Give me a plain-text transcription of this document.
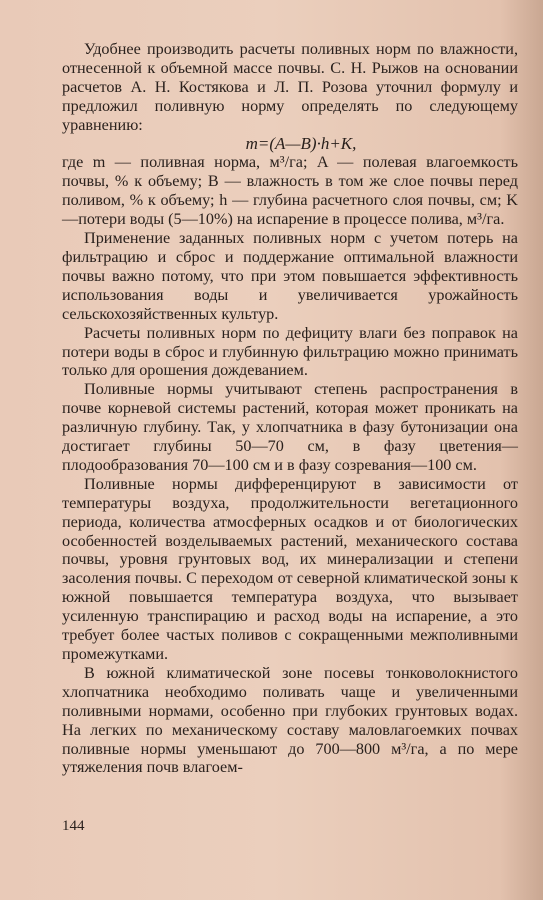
Удобнее производить расчеты поливных норм по влажности, отнесенной к объемной массе почвы. С. Н. Рыжов на основании расчетов А. Н. Костякова и Л. П. Розова уточнил формулу и предложил поливную норму определять по следующему уравнению:

m=(A—B)·h+K,

где m — поливная норма, м³/га; A — полевая влагоемкость почвы, % к объему; B — влажность в том же слое почвы перед поливом, % к объему; h — глубина расчетного слоя почвы, см; K—потери воды (5—10%) на испарение в процессе полива, м³/га.

Применение заданных поливных норм с учетом потерь на фильтрацию и сброс и поддержание оптимальной влажности почвы важно потому, что при этом повышается эффективность использования воды и увеличивается урожайность сельскохозяйственных культур.

Расчеты поливных норм по дефициту влаги без поправок на потери воды в сброс и глубинную фильтрацию можно принимать только для орошения дождеванием.

Поливные нормы учитывают степень распространения в почве корневой системы растений, которая может проникать на различную глубину. Так, у хлопчатника в фазу бутонизации она достигает глубины 50—70 см, в фазу цветения—плодообразования 70—100 см и в фазу созревания—100 см.

Поливные нормы дифференцируют в зависимости от температуры воздуха, продолжительности вегетационного периода, количества атмосферных осадков и от биологических особенностей возделываемых растений, механического состава почвы, уровня грунтовых вод, их минерализации и степени засоления почвы. С переходом от северной климатической зоны к южной повышается температура воздуха, что вызывает усиленную транспирацию и расход воды на испарение, а это требует более частых поливов с сокращенными межполивными промежутками.

В южной климатической зоне посевы тонковолокнистого хлопчатника необходимо поливать чаще и увеличенными поливными нормами, особенно при глубоких грунтовых водах. На легких по механическому составу маловлагоемких почвах поливные нормы уменьшают до 700—800 м³/га, а по мере утяжеления почв влагоем-

144
